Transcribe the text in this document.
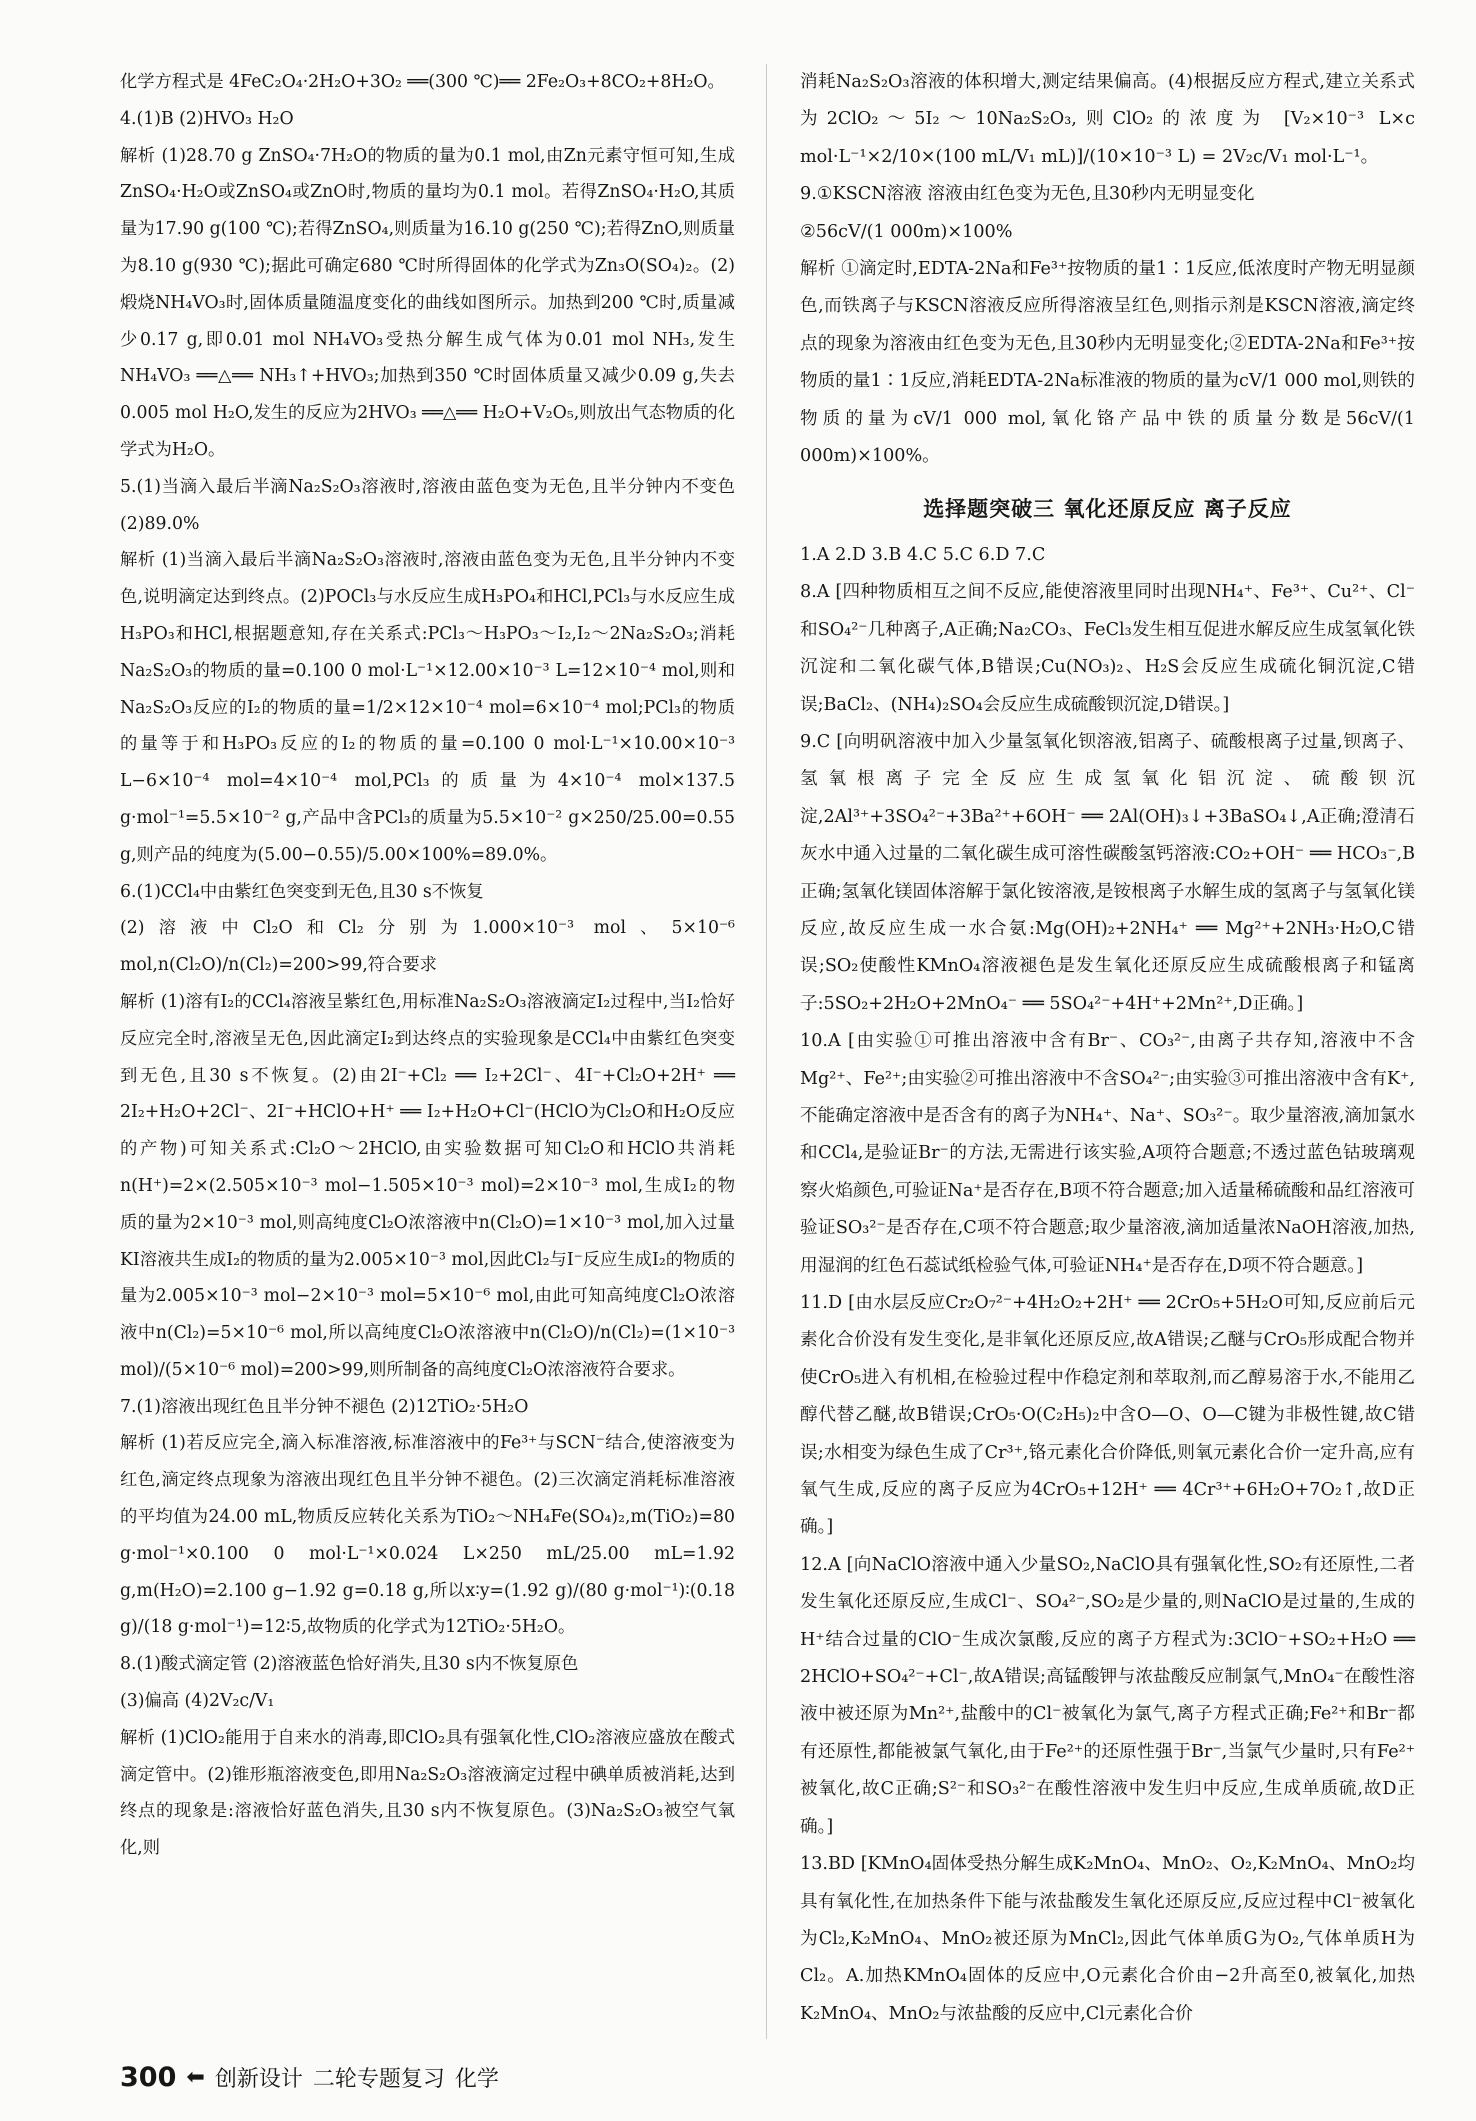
化学方程式是 4FeC₂O₄·2H₂O+3O₂ ══(300 ℃)══ 2Fe₂O₃+8CO₂+8H₂O。

4.(1)B (2)HVO₃ H₂O

解析 (1)28.70 g ZnSO₄·7H₂O的物质的量为0.1 mol,由Zn元素守恒可知,生成ZnSO₄·H₂O或ZnSO₄或ZnO时,物质的量均为0.1 mol。若得ZnSO₄·H₂O,其质量为17.90 g(100 ℃);若得ZnSO₄,则质量为16.10 g(250 ℃);若得ZnO,则质量为8.10 g(930 ℃);据此可确定680 ℃时所得固体的化学式为Zn₃O(SO₄)₂。(2)煅烧NH₄VO₃时,固体质量随温度变化的曲线如图所示。加热到200 ℃时,质量减少0.17 g,即0.01 mol NH₄VO₃受热分解生成气体为0.01 mol NH₃,发生NH₄VO₃ ══△══ NH₃↑+HVO₃;加热到350 ℃时固体质量又减少0.09 g,失去0.005 mol H₂O,发生的反应为2HVO₃ ══△══ H₂O+V₂O₅,则放出气态物质的化学式为H₂O。

5.(1)当滴入最后半滴Na₂S₂O₃溶液时,溶液由蓝色变为无色,且半分钟内不变色 (2)89.0%

解析 (1)当滴入最后半滴Na₂S₂O₃溶液时,溶液由蓝色变为无色,且半分钟内不变色,说明滴定达到终点。(2)POCl₃与水反应生成H₃PO₄和HCl,PCl₃与水反应生成H₃PO₃和HCl,根据题意知,存在关系式:PCl₃～H₃PO₃～I₂,I₂～2Na₂S₂O₃;消耗Na₂S₂O₃的物质的量=0.100 0 mol·L⁻¹×12.00×10⁻³ L=12×10⁻⁴ mol,则和Na₂S₂O₃反应的I₂的物质的量=1/2×12×10⁻⁴ mol=6×10⁻⁴ mol;PCl₃的物质的量等于和H₃PO₃反应的I₂的物质的量=0.100 0 mol·L⁻¹×10.00×10⁻³ L−6×10⁻⁴ mol=4×10⁻⁴ mol,PCl₃的质量为4×10⁻⁴ mol×137.5 g·mol⁻¹=5.5×10⁻² g,产品中含PCl₃的质量为5.5×10⁻² g×250/25.00=0.55 g,则产品的纯度为(5.00−0.55)/5.00×100%=89.0%。

6.(1)CCl₄中由紫红色突变到无色,且30 s不恢复

(2)溶液中Cl₂O和Cl₂分别为1.000×10⁻³ mol、5×10⁻⁶ mol,n(Cl₂O)/n(Cl₂)=200>99,符合要求

解析 (1)溶有I₂的CCl₄溶液呈紫红色,用标准Na₂S₂O₃溶液滴定I₂过程中,当I₂恰好反应完全时,溶液呈无色,因此滴定I₂到达终点的实验现象是CCl₄中由紫红色突变到无色,且30 s不恢复。(2)由2I⁻+Cl₂ ══ I₂+2Cl⁻、4I⁻+Cl₂O+2H⁺ ══ 2I₂+H₂O+2Cl⁻、2I⁻+HClO+H⁺ ══ I₂+H₂O+Cl⁻(HClO为Cl₂O和H₂O反应的产物)可知关系式:Cl₂O～2HClO,由实验数据可知Cl₂O和HClO共消耗n(H⁺)=2×(2.505×10⁻³ mol−1.505×10⁻³ mol)=2×10⁻³ mol,生成I₂的物质的量为2×10⁻³ mol,则高纯度Cl₂O浓溶液中n(Cl₂O)=1×10⁻³ mol,加入过量KI溶液共生成I₂的物质的量为2.005×10⁻³ mol,因此Cl₂与I⁻反应生成I₂的物质的量为2.005×10⁻³ mol−2×10⁻³ mol=5×10⁻⁶ mol,由此可知高纯度Cl₂O浓溶液中n(Cl₂)=5×10⁻⁶ mol,所以高纯度Cl₂O浓溶液中n(Cl₂O)/n(Cl₂)=(1×10⁻³ mol)/(5×10⁻⁶ mol)=200>99,则所制备的高纯度Cl₂O浓溶液符合要求。

7.(1)溶液出现红色且半分钟不褪色 (2)12TiO₂·5H₂O

解析 (1)若反应完全,滴入标准溶液,标准溶液中的Fe³⁺与SCN⁻结合,使溶液变为红色,滴定终点现象为溶液出现红色且半分钟不褪色。(2)三次滴定消耗标准溶液的平均值为24.00 mL,物质反应转化关系为TiO₂～NH₄Fe(SO₄)₂,m(TiO₂)=80 g·mol⁻¹×0.100 0 mol·L⁻¹×0.024 L×250 mL/25.00 mL=1.92 g,m(H₂O)=2.100 g−1.92 g=0.18 g,所以x∶y=(1.92 g)/(80 g·mol⁻¹)∶(0.18 g)/(18 g·mol⁻¹)=12∶5,故物质的化学式为12TiO₂·5H₂O。

8.(1)酸式滴定管 (2)溶液蓝色恰好消失,且30 s内不恢复原色

(3)偏高 (4)2V₂c/V₁

解析 (1)ClO₂能用于自来水的消毒,即ClO₂具有强氧化性,ClO₂溶液应盛放在酸式滴定管中。(2)锥形瓶溶液变色,即用Na₂S₂O₃溶液滴定过程中碘单质被消耗,达到终点的现象是:溶液恰好蓝色消失,且30 s内不恢复原色。(3)Na₂S₂O₃被空气氧化,则

消耗Na₂S₂O₃溶液的体积增大,测定结果偏高。(4)根据反应方程式,建立关系式为2ClO₂～5I₂～10Na₂S₂O₃,则ClO₂的浓度为 [V₂×10⁻³ L×c mol·L⁻¹×2/10×(100 mL/V₁ mL)]/(10×10⁻³ L) = 2V₂c/V₁ mol·L⁻¹。

9.①KSCN溶液 溶液由红色变为无色,且30秒内无明显变化

②56cV/(1 000m)×100%

解析 ①滴定时,EDTA-2Na和Fe³⁺按物质的量1∶1反应,低浓度时产物无明显颜色,而铁离子与KSCN溶液反应所得溶液呈红色,则指示剂是KSCN溶液,滴定终点的现象为溶液由红色变为无色,且30秒内无明显变化;②EDTA-2Na和Fe³⁺按物质的量1∶1反应,消耗EDTA-2Na标准液的物质的量为cV/1 000 mol,则铁的物质的量为cV/1 000 mol,氧化铬产品中铁的质量分数是56cV/(1 000m)×100%。

选择题突破三 氧化还原反应 离子反应

1.A 2.D 3.B 4.C 5.C 6.D 7.C

8.A [四种物质相互之间不反应,能使溶液里同时出现NH₄⁺、Fe³⁺、Cu²⁺、Cl⁻和SO₄²⁻几种离子,A正确;Na₂CO₃、FeCl₃发生相互促进水解反应生成氢氧化铁沉淀和二氧化碳气体,B错误;Cu(NO₃)₂、H₂S会反应生成硫化铜沉淀,C错误;BaCl₂、(NH₄)₂SO₄会反应生成硫酸钡沉淀,D错误。]

9.C [向明矾溶液中加入少量氢氧化钡溶液,铝离子、硫酸根离子过量,钡离子、氢氧根离子完全反应生成氢氧化铝沉淀、硫酸钡沉淀,2Al³⁺+3SO₄²⁻+3Ba²⁺+6OH⁻ ══ 2Al(OH)₃↓+3BaSO₄↓,A正确;澄清石灰水中通入过量的二氧化碳生成可溶性碳酸氢钙溶液:CO₂+OH⁻ ══ HCO₃⁻,B正确;氢氧化镁固体溶解于氯化铵溶液,是铵根离子水解生成的氢离子与氢氧化镁反应,故反应生成一水合氨:Mg(OH)₂+2NH₄⁺ ══ Mg²⁺+2NH₃·H₂O,C错误;SO₂使酸性KMnO₄溶液褪色是发生氧化还原反应生成硫酸根离子和锰离子:5SO₂+2H₂O+2MnO₄⁻ ══ 5SO₄²⁻+4H⁺+2Mn²⁺,D正确。]

10.A [由实验①可推出溶液中含有Br⁻、CO₃²⁻,由离子共存知,溶液中不含Mg²⁺、Fe²⁺;由实验②可推出溶液中不含SO₄²⁻;由实验③可推出溶液中含有K⁺,不能确定溶液中是否含有的离子为NH₄⁺、Na⁺、SO₃²⁻。取少量溶液,滴加氯水和CCl₄,是验证Br⁻的方法,无需进行该实验,A项符合题意;不透过蓝色钴玻璃观察火焰颜色,可验证Na⁺是否存在,B项不符合题意;加入适量稀硫酸和品红溶液可验证SO₃²⁻是否存在,C项不符合题意;取少量溶液,滴加适量浓NaOH溶液,加热,用湿润的红色石蕊试纸检验气体,可验证NH₄⁺是否存在,D项不符合题意。]

11.D [由水层反应Cr₂O₇²⁻+4H₂O₂+2H⁺ ══ 2CrO₅+5H₂O可知,反应前后元素化合价没有发生变化,是非氧化还原反应,故A错误;乙醚与CrO₅形成配合物并使CrO₅进入有机相,在检验过程中作稳定剂和萃取剂,而乙醇易溶于水,不能用乙醇代替乙醚,故B错误;CrO₅·O(C₂H₅)₂中含O—O、O—C键为非极性键,故C错误;水相变为绿色生成了Cr³⁺,铬元素化合价降低,则氧元素化合价一定升高,应有氧气生成,反应的离子反应为4CrO₅+12H⁺ ══ 4Cr³⁺+6H₂O+7O₂↑,故D正确。]

12.A [向NaClO溶液中通入少量SO₂,NaClO具有强氧化性,SO₂有还原性,二者发生氧化还原反应,生成Cl⁻、SO₄²⁻,SO₂是少量的,则NaClO是过量的,生成的H⁺结合过量的ClO⁻生成次氯酸,反应的离子方程式为:3ClO⁻+SO₂+H₂O ══ 2HClO+SO₄²⁻+Cl⁻,故A错误;高锰酸钾与浓盐酸反应制氯气,MnO₄⁻在酸性溶液中被还原为Mn²⁺,盐酸中的Cl⁻被氧化为氯气,离子方程式正确;Fe²⁺和Br⁻都有还原性,都能被氯气氧化,由于Fe²⁺的还原性强于Br⁻,当氯气少量时,只有Fe²⁺被氧化,故C正确;S²⁻和SO₃²⁻在酸性溶液中发生归中反应,生成单质硫,故D正确。]

13.BD [KMnO₄固体受热分解生成K₂MnO₄、MnO₂、O₂,K₂MnO₄、MnO₂均具有氧化性,在加热条件下能与浓盐酸发生氧化还原反应,反应过程中Cl⁻被氧化为Cl₂,K₂MnO₄、MnO₂被还原为MnCl₂,因此气体单质G为O₂,气体单质H为Cl₂。A.加热KMnO₄固体的反应中,O元素化合价由−2升高至0,被氧化,加热K₂MnO₄、MnO₂与浓盐酸的反应中,Cl元素化合价

300 ⬅ 创新设计 二轮专题复习 化学
